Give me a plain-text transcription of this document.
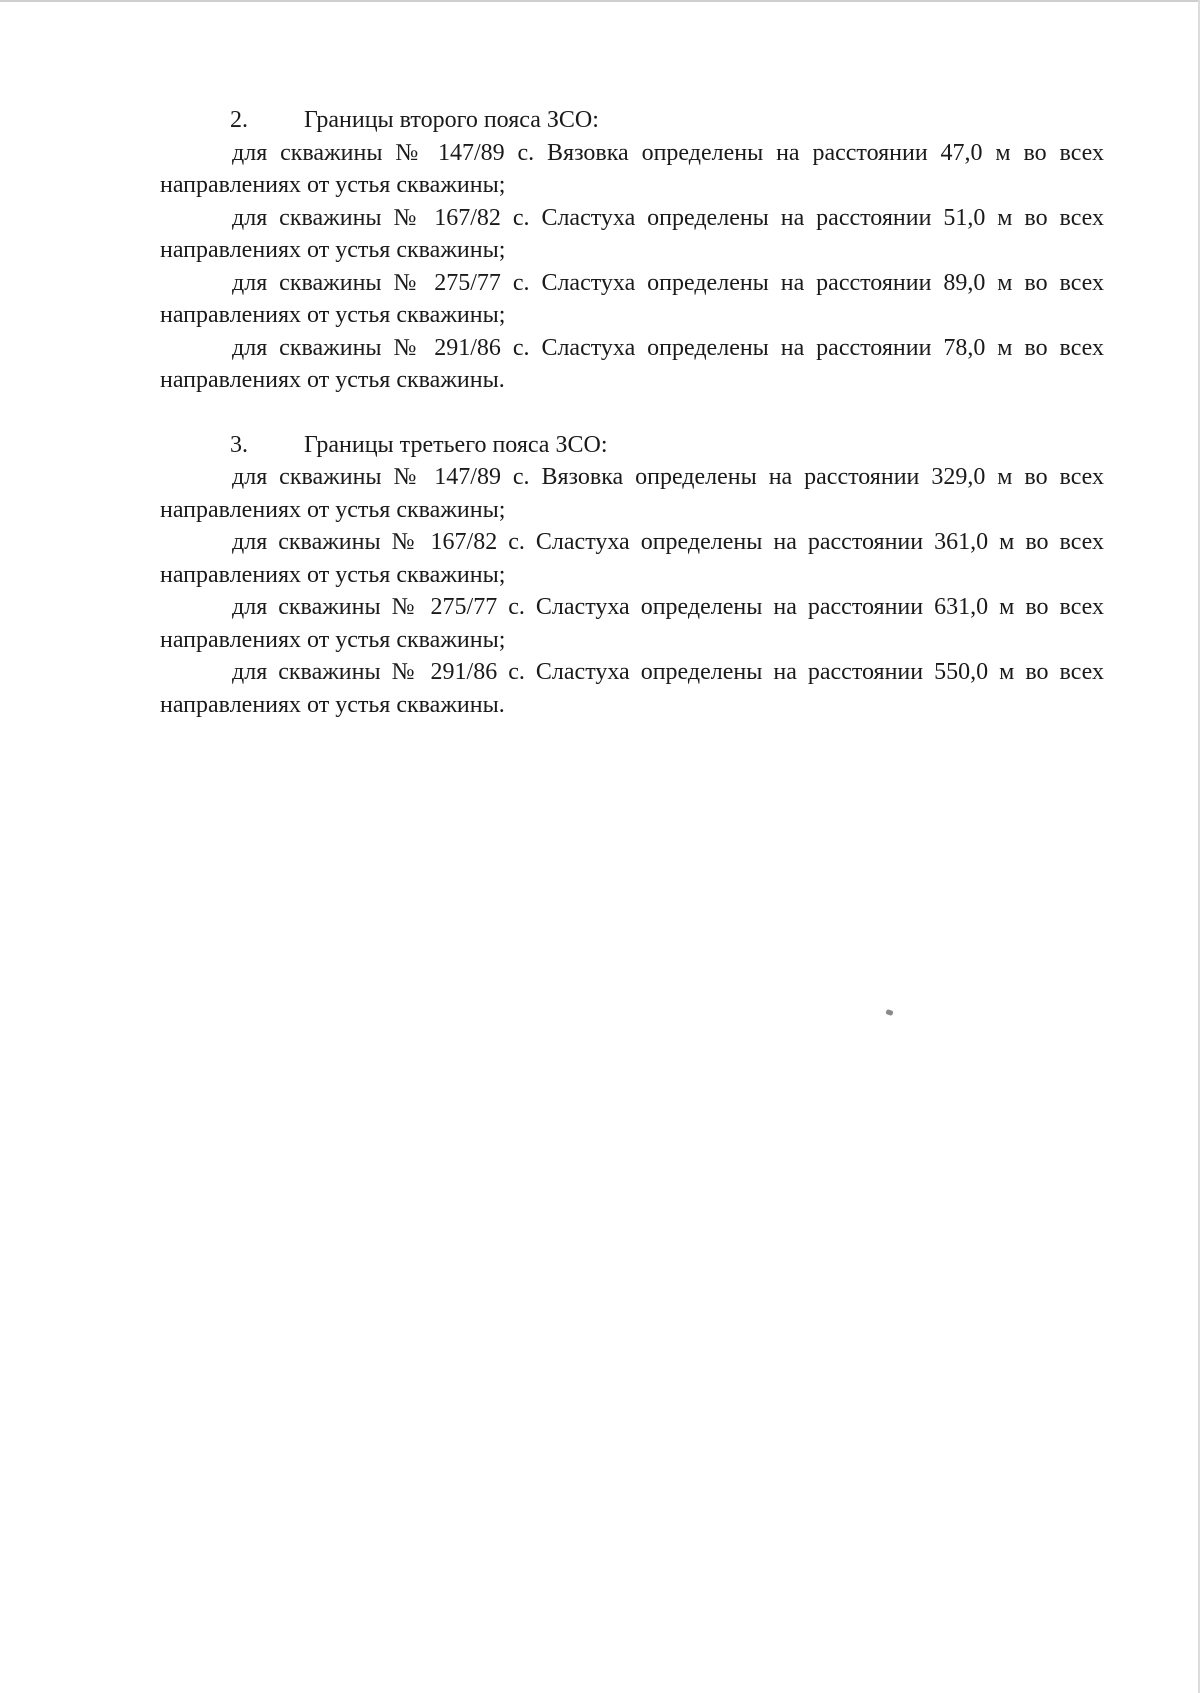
2. Границы второго пояса ЗСО:

для скважины № 147/89 с. Вязовка определены на расстоянии 47,0 м во всех направлениях от устья скважины;

для скважины № 167/82 с. Сластуха определены на расстоянии 51,0 м во всех направлениях от устья скважины;

для скважины № 275/77 с. Сластуха определены на расстоянии 89,0 м во всех направлениях от устья скважины;

для скважины № 291/86 с. Сластуха определены на расстоянии 78,0 м во всех направлениях от устья скважины.

3. Границы третьего пояса ЗСО:

для скважины № 147/89 с. Вязовка определены на расстоянии 329,0 м во всех направлениях от устья скважины;

для скважины № 167/82 с. Сластуха определены на расстоянии 361,0 м во всех направлениях от устья скважины;

для скважины № 275/77 с. Сластуха определены на расстоянии 631,0 м во всех направлениях от устья скважины;

для скважины № 291/86 с. Сластуха определены на расстоянии 550,0 м во всех направлениях от устья скважины.
